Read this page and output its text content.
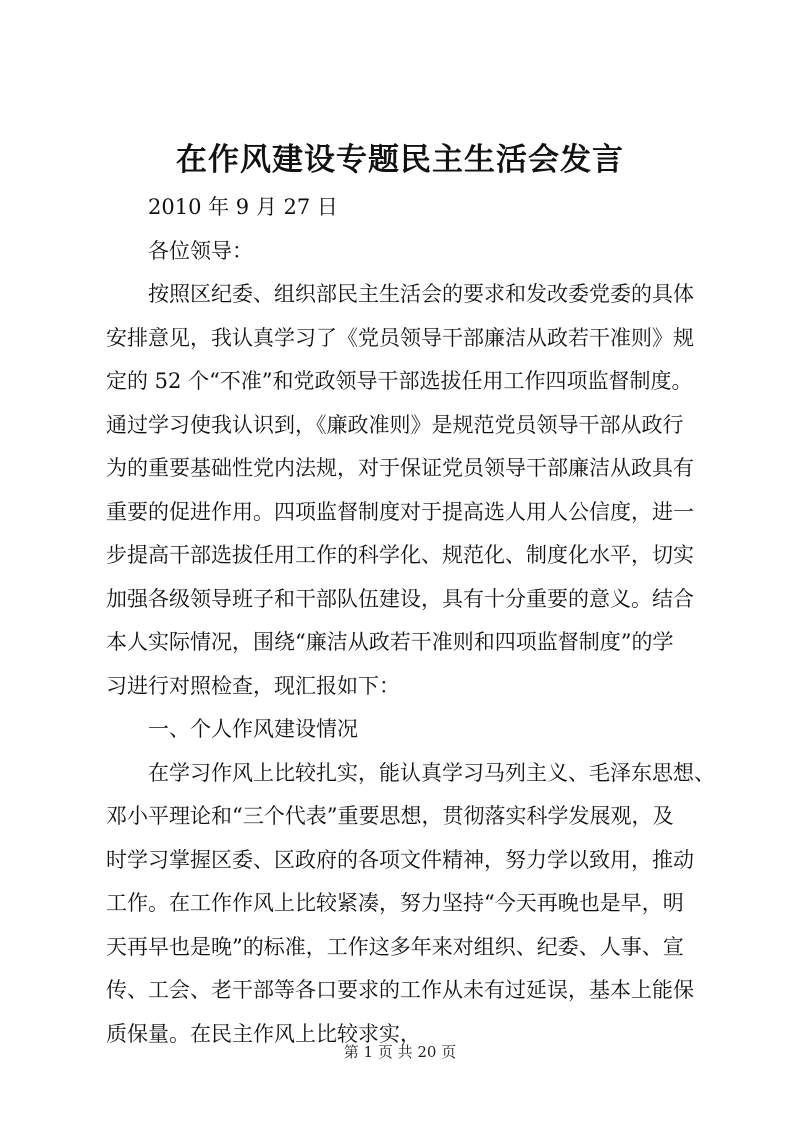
在作风建设专题民主生活会发言
2010 年 9 月 27 日
各位领导：
按照区纪委、组织部民主生活会的要求和发改委党委的具体
安排意见，我认真学习了《党员领导干部廉洁从政若干准则》规
定的 52 个“不准”和党政领导干部选拔任用工作四项监督制度。
通过学习使我认识到，《廉政准则》是规范党员领导干部从政行
为的重要基础性党内法规，对于保证党员领导干部廉洁从政具有
重要的促进作用。四项监督制度对于提高选人用人公信度，进一
步提高干部选拔任用工作的科学化、规范化、制度化水平，切实
加强各级领导班子和干部队伍建设，具有十分重要的意义。结合
本人实际情况，围绕“廉洁从政若干准则和四项监督制度”的学
习进行对照检查，现汇报如下：
一、个人作风建设情况
在学习作风上比较扎实，能认真学习马列主义、毛泽东思想、
邓小平理论和“三个代表”重要思想，贯彻落实科学发展观，及
时学习掌握区委、区政府的各项文件精神，努力学以致用，推动
工作。在工作作风上比较紧凑，努力坚持“今天再晚也是早，明
天再早也是晚”的标准，工作这多年来对组织、纪委、人事、宣
传、工会、老干部等各口要求的工作从未有过延误，基本上能保
质保量。在民主作风上比较求实，
第 1 页 共 20 页
